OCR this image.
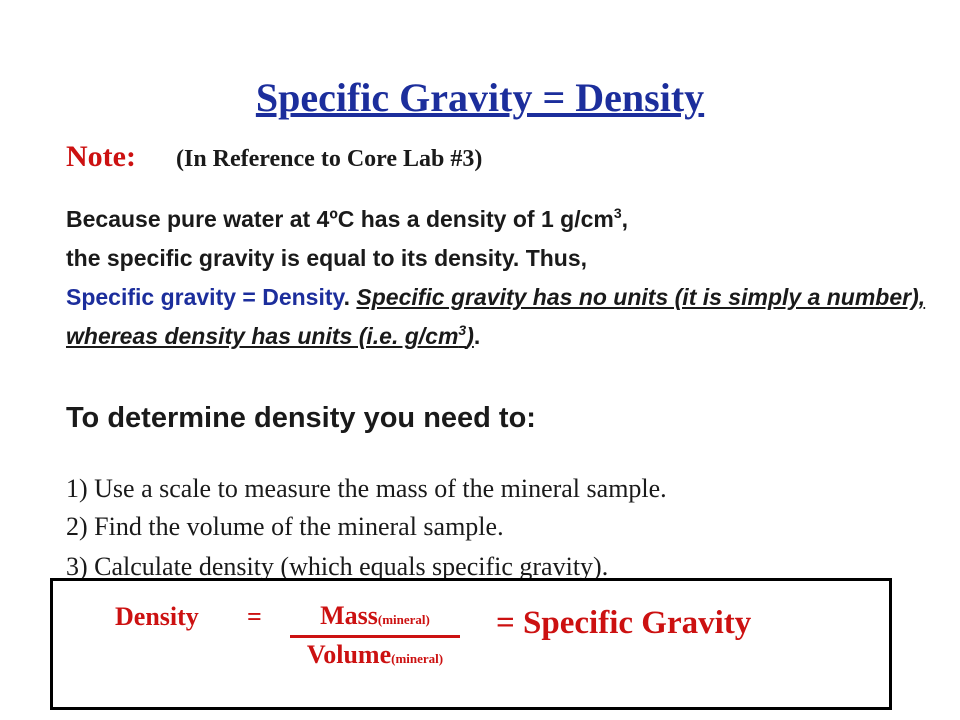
Specific Gravity = Density
Note: (In Reference to Core Lab #3)
Because pure water at 4ºC has a density of 1 $g/cm^3$,
the specific gravity is equal to its density. Thus,
Specific gravity = Density. Specific gravity has no units (it is simply a number), whereas density has units (i.e. $g/cm^3$).
To determine density you need to:
1) Use a scale to measure the mass of the mineral sample.
2) Find the volume of the mineral sample.
3) Calculate density (which equals specific gravity).
Density =	Mass(mineral)
Volume(mineral)
= Specific Gravity
